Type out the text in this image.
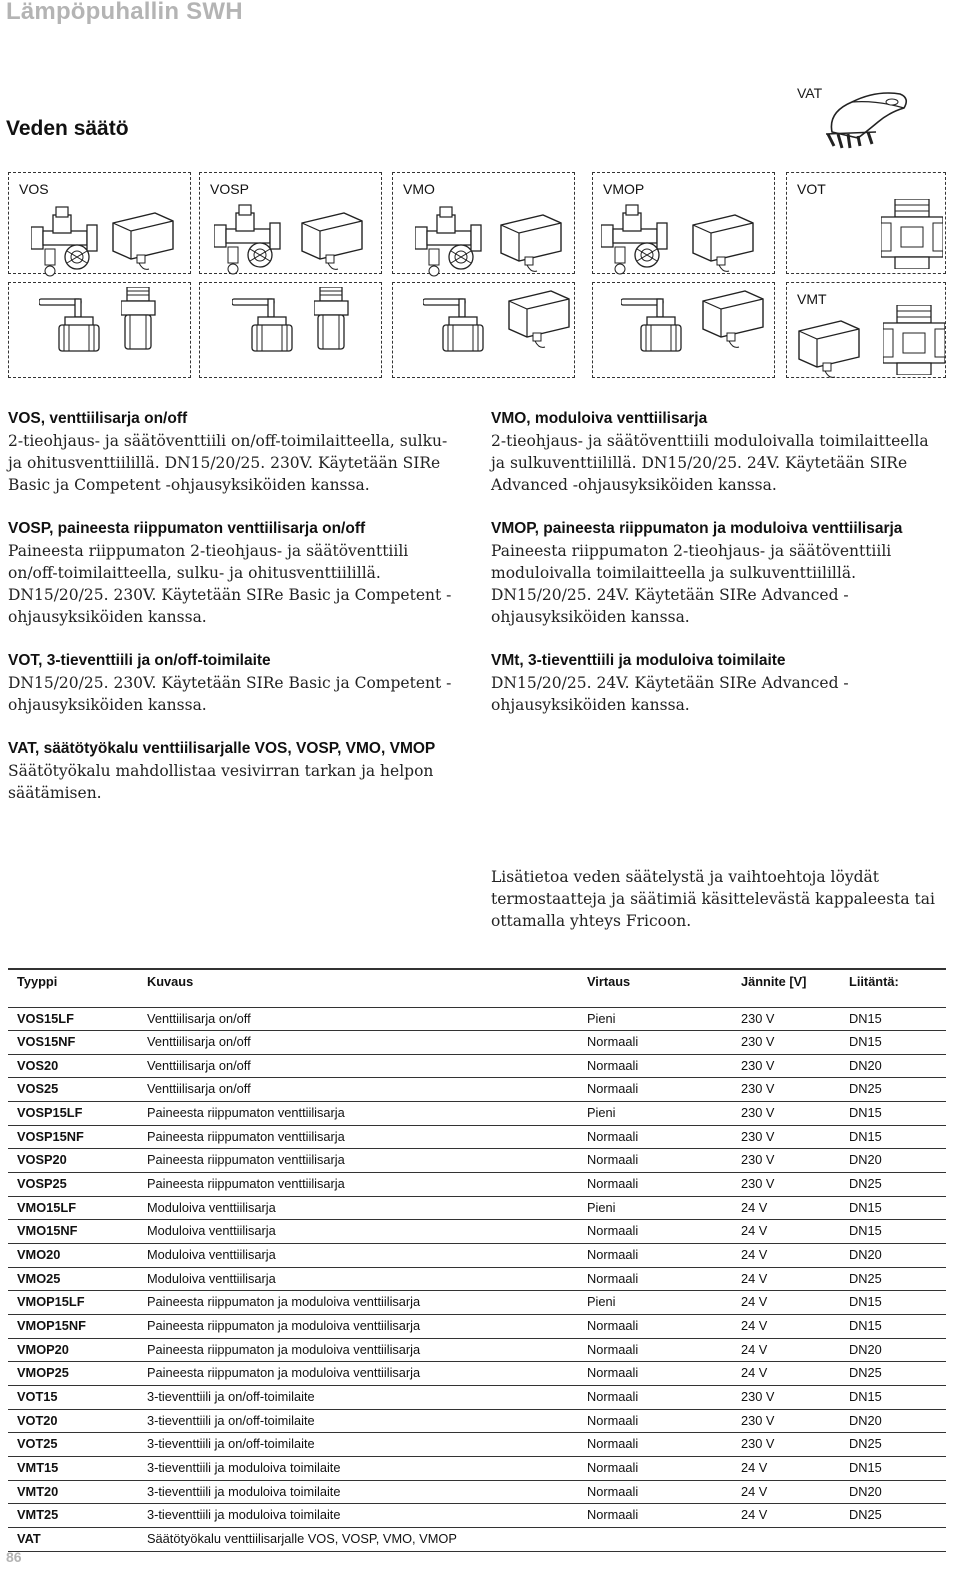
Lämpöpuhallin SWH
Veden säätö
VAT
VOS	VOSP	VMO	VMOP	VOT
VMT
VOS, venttiilisarja on/off

2-tieohjaus- ja säätöventtiili on/off-toimilaitteella, sulku-ja ohitusventtiilillä. DN15/20/25. 230V. Käytetään SIRe Basic ja Competent -ohjausyksiköiden kanssa.

VOSP, paineesta riippumaton venttiilisarja on/off

Paineesta riippumaton 2-tieohjaus- ja säätöventtiili on/off-toimilaitteella, sulku- ja ohitusventtiilillä. DN15/20/25. 230V. Käytetään SIRe Basic ja Competent -ohjausyksiköiden kanssa.

VOT, 3-tieventtiili ja on/off-toimilaite

DN15/20/25. 230V. Käytetään SIRe Basic ja Competent -ohjausyksiköiden kanssa.

VAT, säätötyökalu venttiilisarjalle VOS, VOSP, VMO, VMOP

Säätötyökalu mahdollistaa vesivirran tarkan ja helpon säätämisen.

VMO, moduloiva venttiilisarja

2-tieohjaus- ja säätöventtiili moduloivalla toimilaitteella ja sulkuventtiilillä. DN15/20/25. 24V. Käytetään SIRe Advanced -ohjausyksiköiden kanssa.

VMOP, paineesta riippumaton ja moduloiva venttiilisarja

Paineesta riippumaton 2-tieohjaus- ja säätöventtiili moduloivalla toimilaitteella ja sulkuventtiilillä. DN15/20/25. 24V. Käytetään SIRe Advanced -ohjausyksiköiden kanssa.

VMt, 3-tieventtiili ja moduloiva toimilaite

DN15/20/25. 24V. Käytetään SIRe Advanced -ohjausyksiköiden kanssa.

Lisätietoa veden säätelystä ja vaihtoehtoja löydät termostaatteja ja säätimiä käsittelevästä kappaleesta tai ottamalla yhteys Fricoon.
Tyyppi	Kuvaus	Virtaus	Jännite [V]	Liitäntä:
VOS15LF	Venttiilisarja on/off	Pieni	230 V	DN15
VOS15NF	Venttiilisarja on/off	Normaali	230 V	DN15
VOS20	Venttiilisarja on/off	Normaali	230 V	DN20
VOS25	Venttiilisarja on/off	Normaali	230 V	DN25
VOSP15LF	Paineesta riippumaton venttiilisarja	Pieni	230 V	DN15
VOSP15NF	Paineesta riippumaton venttiilisarja	Normaali	230 V	DN15
VOSP20	Paineesta riippumaton venttiilisarja	Normaali	230 V	DN20
VOSP25	Paineesta riippumaton venttiilisarja	Normaali	230 V	DN25
VMO15LF	Moduloiva venttiilisarja	Pieni	24 V	DN15
VMO15NF	Moduloiva venttiilisarja	Normaali	24 V	DN15
VMO20	Moduloiva venttiilisarja	Normaali	24 V	DN20
VMO25	Moduloiva venttiilisarja	Normaali	24 V	DN25
VMOP15LF	Paineesta riippumaton ja moduloiva venttiilisarja	Pieni	24 V	DN15
VMOP15NF	Paineesta riippumaton ja moduloiva venttiilisarja	Normaali	24 V	DN15
VMOP20	Paineesta riippumaton ja moduloiva venttiilisarja	Normaali	24 V	DN20
VMOP25	Paineesta riippumaton ja moduloiva venttiilisarja	Normaali	24 V	DN25
VOT15	3-tieventtiili ja on/off-toimilaite	Normaali	230 V	DN15
VOT20	3-tieventtiili ja on/off-toimilaite	Normaali	230 V	DN20
VOT25	3-tieventtiili ja on/off-toimilaite	Normaali	230 V	DN25
VMT15	3-tieventtiili ja moduloiva toimilaite	Normaali	24 V	DN15
VMT20	3-tieventtiili ja moduloiva toimilaite	Normaali	24 V	DN20
VMT25	3-tieventtiili ja moduloiva toimilaite	Normaali	24 V	DN25
VAT	Säätötyökalu venttiilisarjalle VOS, VOSP, VMO, VMOP			
86
